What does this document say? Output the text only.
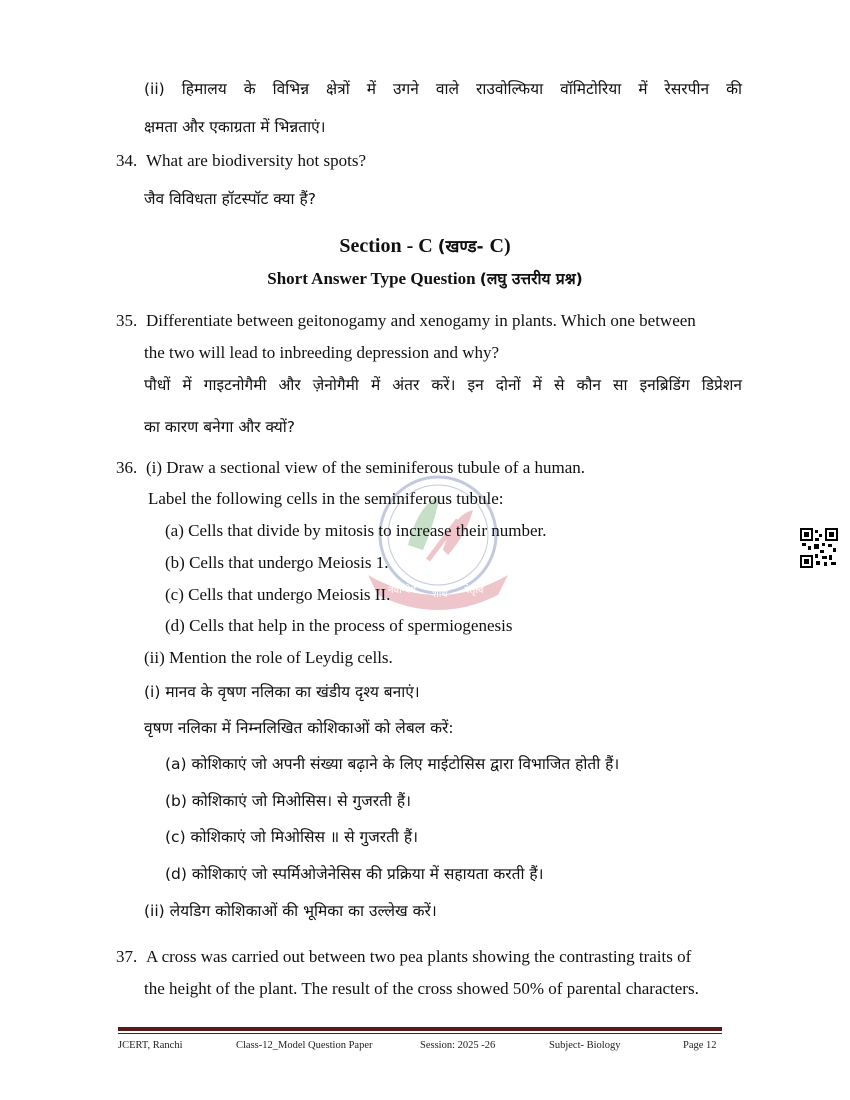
नवान्वेष शोध नेतृत्व
(ii) हिमालय के विभिन्न क्षेत्रों में उगने वाले राउवोल्फिया वॉमिटोरिया में रेसरपीन की
क्षमता और एकाग्रता में भिन्नताएं।
34. What are biodiversity hot spots?
जैव विविधता हॉटस्पॉट क्या हैं?
Section - C (खण्ड- C)
Short Answer Type Question (लघु उत्तरीय प्रश्न)
35. Differentiate between geitonogamy and xenogamy in plants. Which one between
the two will lead to inbreeding depression and why?
पौधों में गाइटनोगैमी और ज़ेनोगैमी में अंतर करें। इन दोनों में से कौन सा इनब्रिडिंग डिप्रेशन
का कारण बनेगा और क्यों?
36. (i) Draw a sectional view of the seminiferous tubule of a human.
Label the following cells in the seminiferous tubule:
(a) Cells that divide by mitosis to increase their number.
(b) Cells that undergo Meiosis 1.
(c) Cells that undergo Meiosis II.
(d) Cells that help in the process of spermiogenesis
(ii) Mention the role of Leydig cells.
(i) मानव के वृषण नलिका का खंडीय दृश्य बनाएं।
वृषण नलिका में निम्नलिखित कोशिकाओं को लेबल करें:
(a) कोशिकाएं जो अपनी संख्या बढ़ाने के लिए माईटोसिस द्वारा विभाजित होती हैं।
(b) कोशिकाएं जो मिओसिस। से गुजरती हैं।
(c) कोशिकाएं जो मिओसिस ॥ से गुजरती हैं।
(d) कोशिकाएं जो स्पर्मिओजेनेसिस की प्रक्रिया में सहायता करती हैं।
(ii) लेयडिग कोशिकाओं की भूमिका का उल्लेख करें।
37. A cross was carried out between two pea plants showing the contrasting traits of
the height of the plant. The result of the cross showed 50% of parental characters.
JCERT, Ranchi	Class-12_Model Question Paper	Session: 2025 -26	Subject- Biology	Page 12
